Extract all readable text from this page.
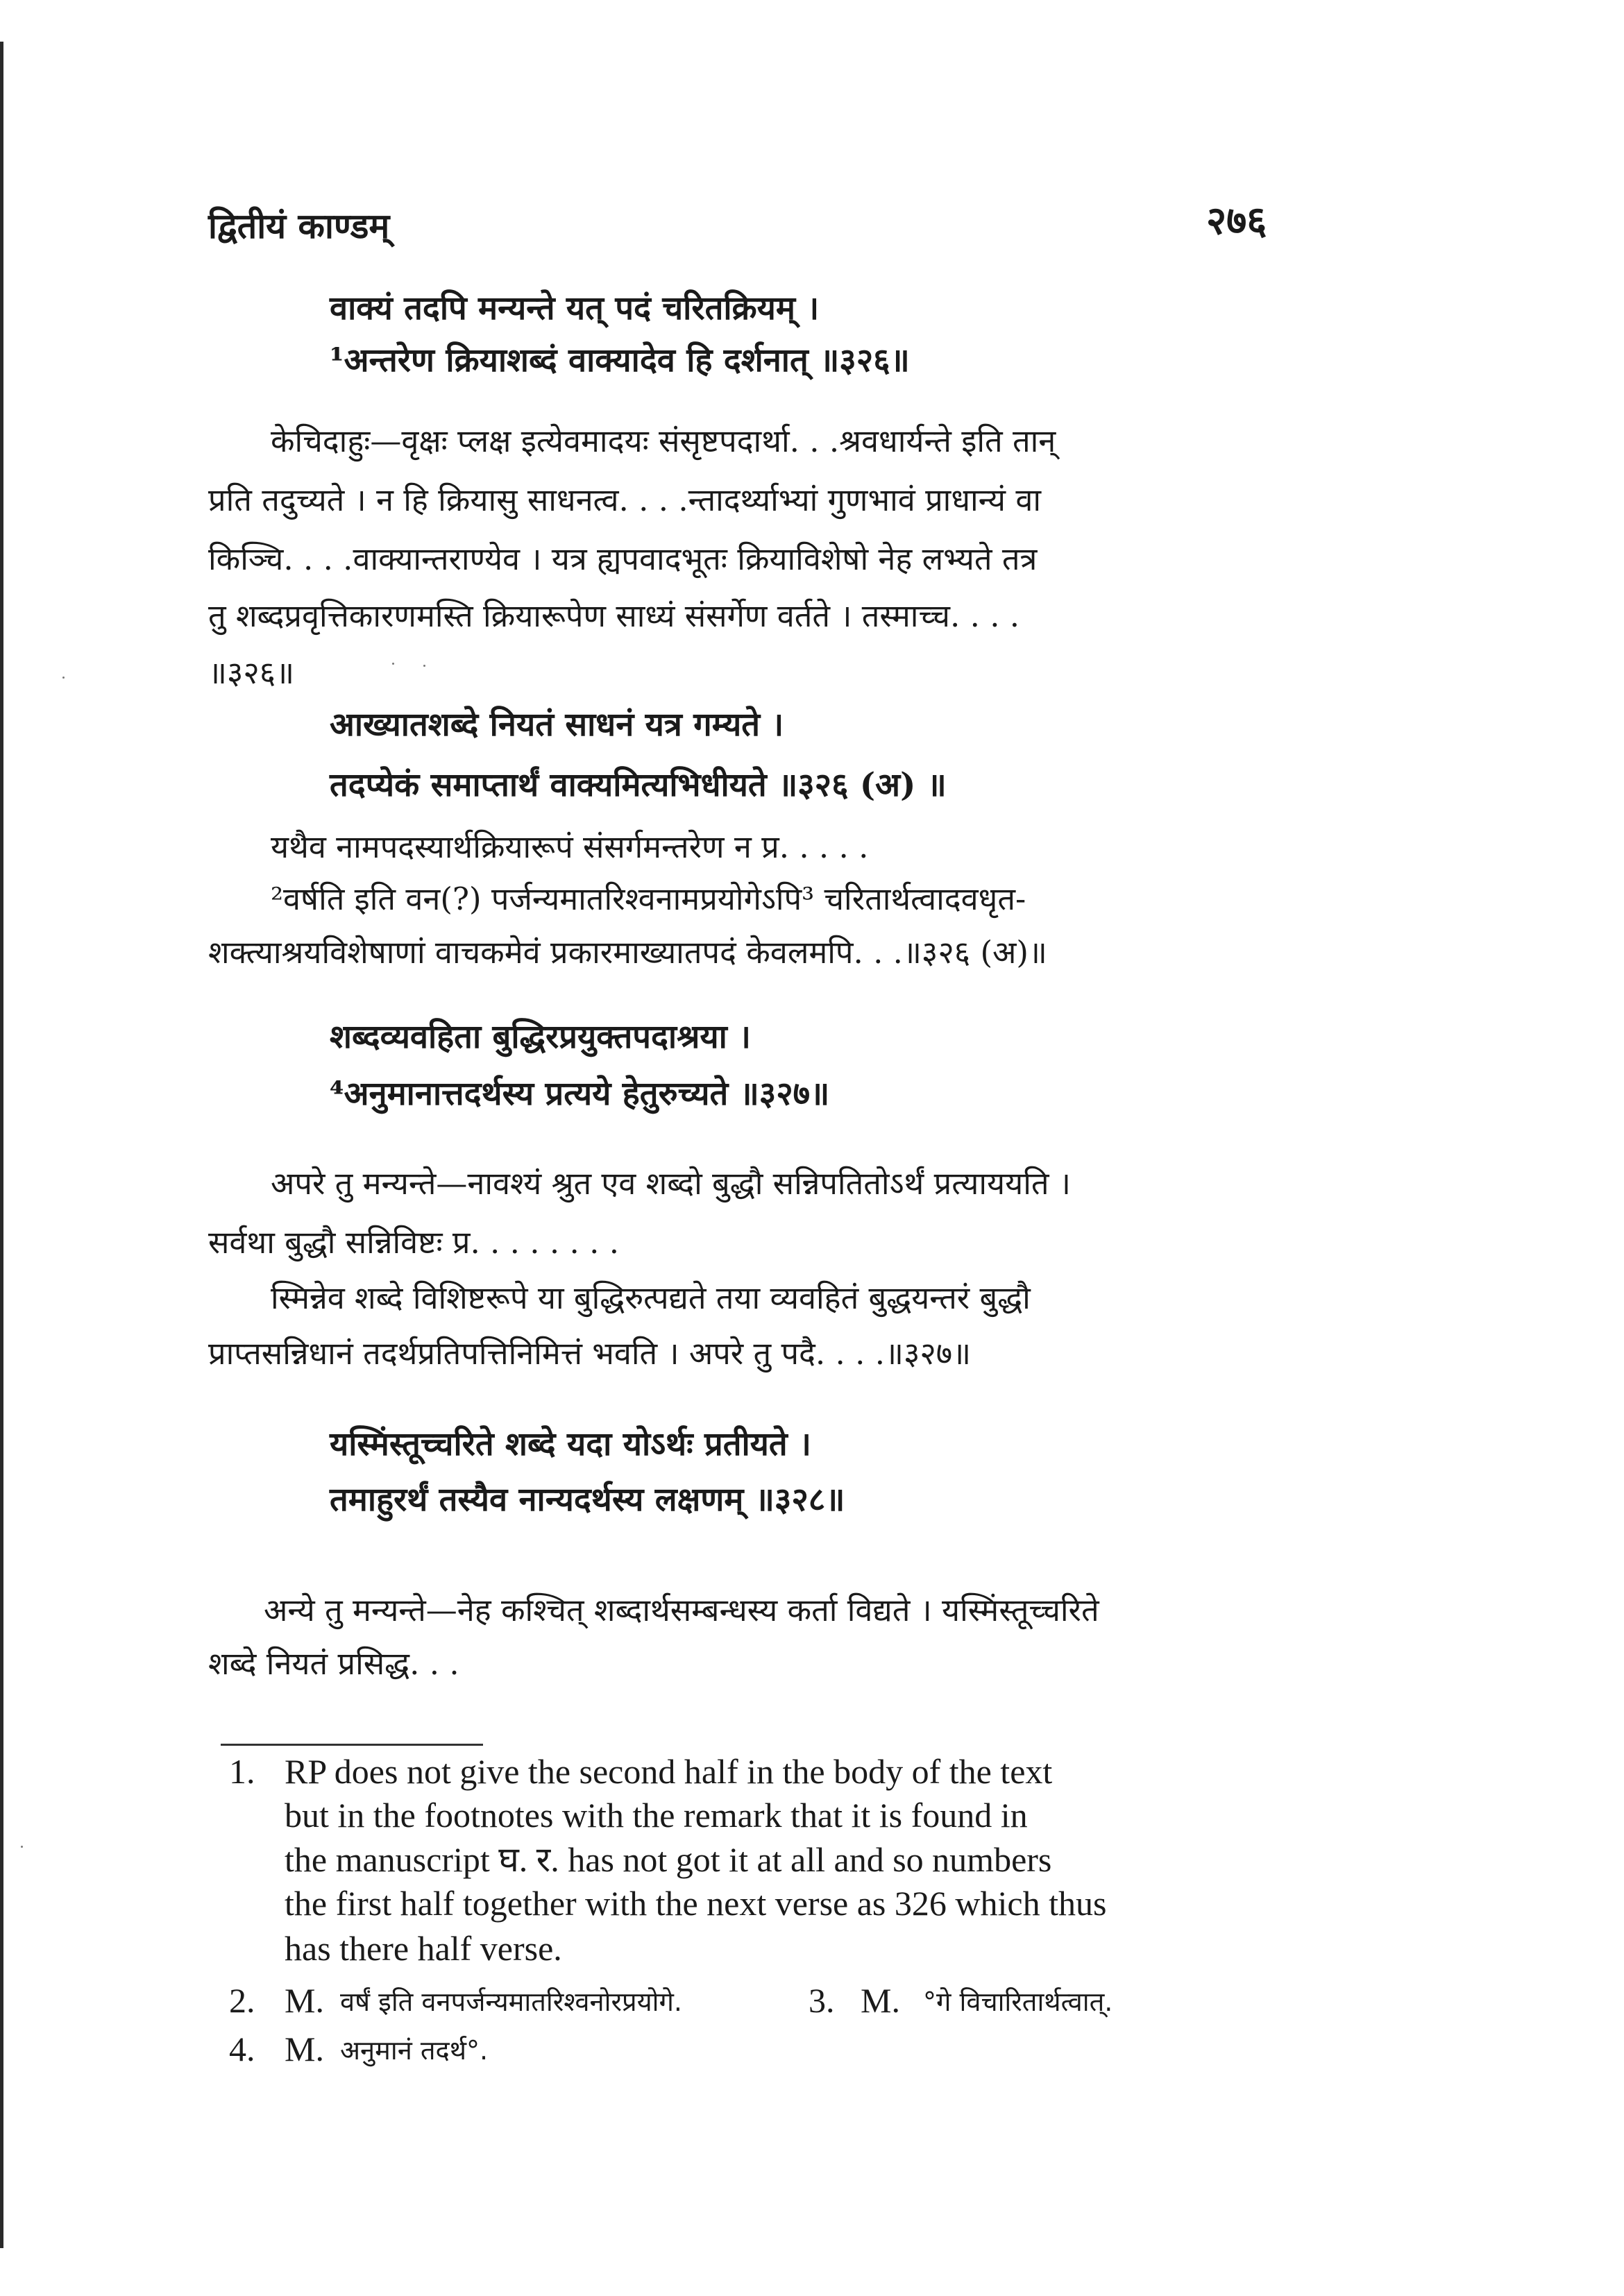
द्वितीयं काण्डम्	२७६
वाक्यं तदपि मन्यन्ते यत् पदं चरितक्रियम् ।
¹अन्तरेण क्रियाशब्दं वाक्यादेव हि दर्शनात् ॥३२६॥
केचिदाहुः—वृक्षः प्लक्ष इत्येवमादयः संसृष्टपदार्था. . .श्रवधार्यन्ते इति तान्
प्रति तदुच्यते । न हि क्रियासु साधनत्व. . . .न्तादर्थ्याभ्यां गुणभावं प्राधान्यं वा
किञ्चि. . . .वाक्यान्तराण्येव । यत्र ह्यपवादभूतः क्रियाविशेषो नेह लभ्यते तत्र
तु शब्दप्रवृत्तिकारणमस्ति क्रियारूपेण साध्यं संसर्गेण वर्तते । तस्माच्च. . . .
॥३२६॥
आख्यातशब्दे नियतं साधनं यत्र गम्यते ।
तदप्येकं समाप्तार्थं वाक्यमित्यभिधीयते ॥३२६ (अ) ॥
यथैव नामपदस्यार्थक्रियारूपं संसर्गमन्तरेण न प्र. . . . .
²वर्षति इति वन(?) पर्जन्यमातरिश्वनामप्रयोगेऽपि³ चरितार्थत्वादवधृत-
शक्त्याश्रयविशेषाणां वाचकमेवं प्रकारमाख्यातपदं केवलमपि. . .॥३२६ (अ)॥
शब्दव्यवहिता बुद्धिरप्रयुक्तपदाश्रया ।
⁴अनुमानात्तदर्थस्य प्रत्यये हेतुरुच्यते ॥३२७॥
अपरे तु मन्यन्ते—नावश्यं श्रुत एव शब्दो बुद्धौ सन्निपतितोऽर्थं प्रत्याययति ।
सर्वथा बुद्धौ सन्निविष्टः प्र. . . . . . . .
स्मिन्नेव शब्दे विशिष्टरूपे या बुद्धिरुत्पद्यते तया व्यवहितं बुद्धयन्तरं बुद्धौ
प्राप्तसन्निधानं तदर्थप्रतिपत्तिनिमित्तं भवति । अपरे तु पदै. . . .॥३२७॥
यस्मिंस्तूच्चरिते शब्दे यदा योऽर्थः प्रतीयते ।
तमाहुरर्थं तस्यैव नान्यदर्थस्य लक्षणम् ॥३२८॥
अन्ये तु मन्यन्ते—नेह कश्चित् शब्दार्थसम्बन्धस्य कर्ता विद्यते । यस्मिंस्तूच्चरिते
शब्दे नियतं प्रसिद्ध. . .
1. RP does not give the second half in the body of the text
but in the footnotes with the remark that it is found in
the manuscript घ. र. has not got it at all and so numbers
the first half together with the next verse as 326 which thus
has there half verse.
2. M. वर्षं इति वनपर्जन्यमातरिश्वनोरप्रयोगे.	3. M. °गे विचारितार्थत्वात्.
4. M. अनुमानं तदर्थ°.
